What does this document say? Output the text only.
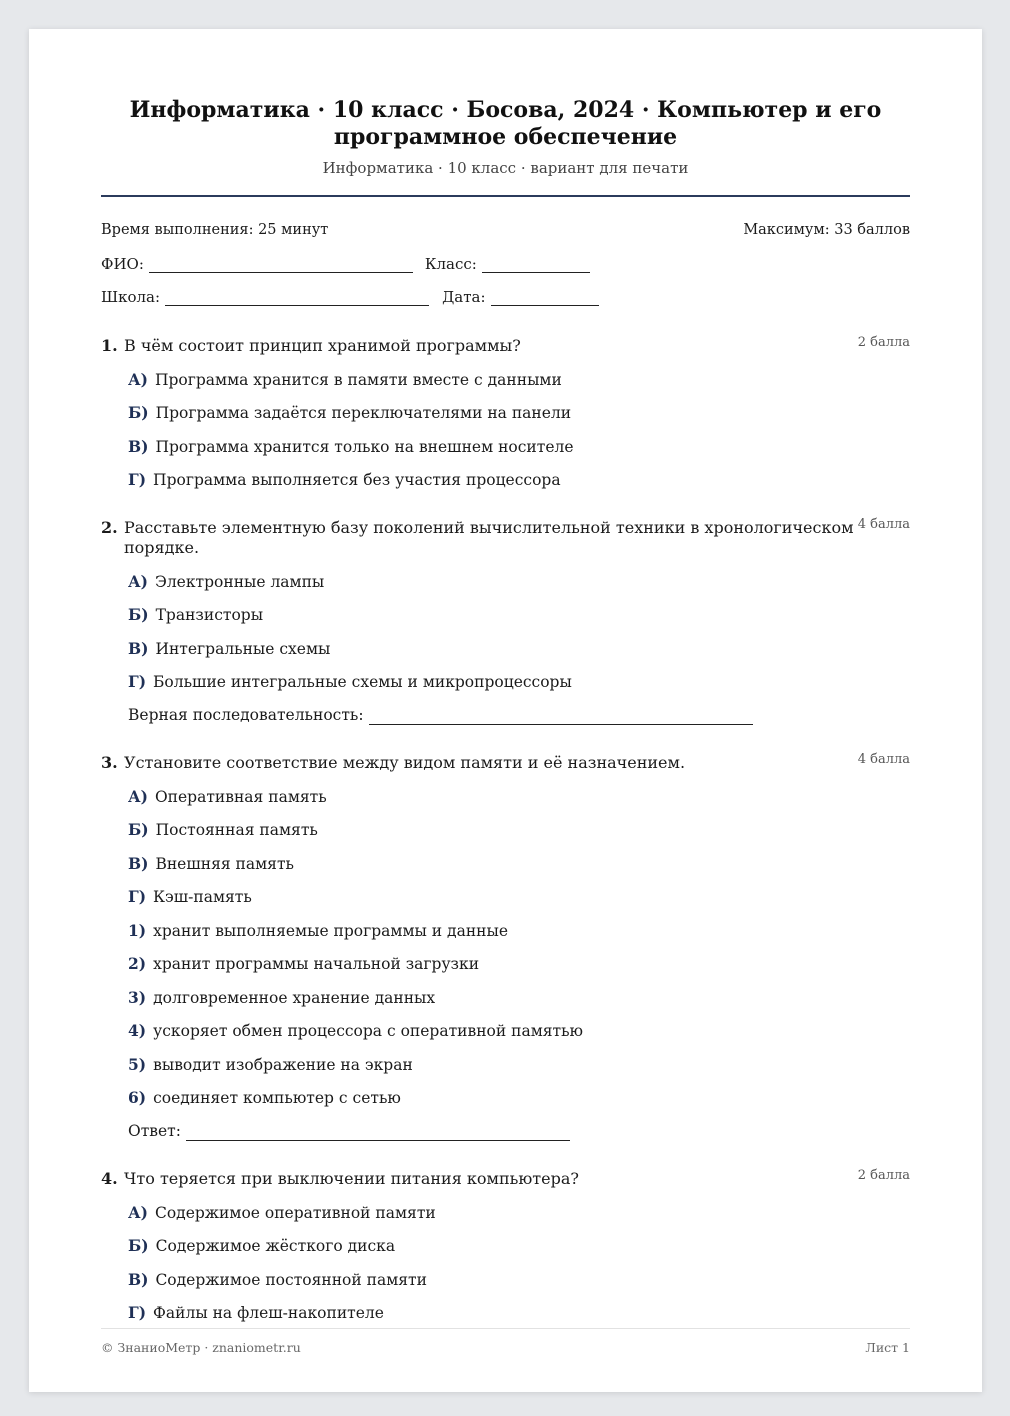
Информатика · 10 класс · Босова, 2024 · Компьютер и его программное обеспечение
Информатика · 10 класс · вариант для печати
Время выполнения: 25 минут	Максимум: 33 баллов
ФИО:	Класс:
Школа:	Дата:
1. В чём состоит принцип хранимой программы?	2 балла
А) Программа хранится в памяти вместе с данными
Б) Программа задаётся переключателями на панели
В) Программа хранится только на внешнем носителе
Г) Программа выполняется без участия процессора
2. Расставьте элементную базу поколений вычислительной техники в хронологическом порядке.
4 балла
А) Электронные лампы
Б) Транзисторы
В) Интегральные схемы
Г) Большие интегральные схемы и микропроцессоры
Верная последовательность:
3. Установите соответствие между видом памяти и её назначением.	4 балла
А) Оперативная память
Б) Постоянная память
В) Внешняя память
Г) Кэш-память
1) хранит выполняемые программы и данные
2) хранит программы начальной загрузки
3) долговременное хранение данных
4) ускоряет обмен процессора с оперативной памятью
5) выводит изображение на экран
6) соединяет компьютер с сетью
Ответ:
4. Что теряется при выключении питания компьютера?	2 балла
А) Содержимое оперативной памяти
Б) Содержимое жёсткого диска
В) Содержимое постоянной памяти
Г) Файлы на флеш-накопителе
© ЗнаниоМетр · znaniometr.ru	Лист 1
